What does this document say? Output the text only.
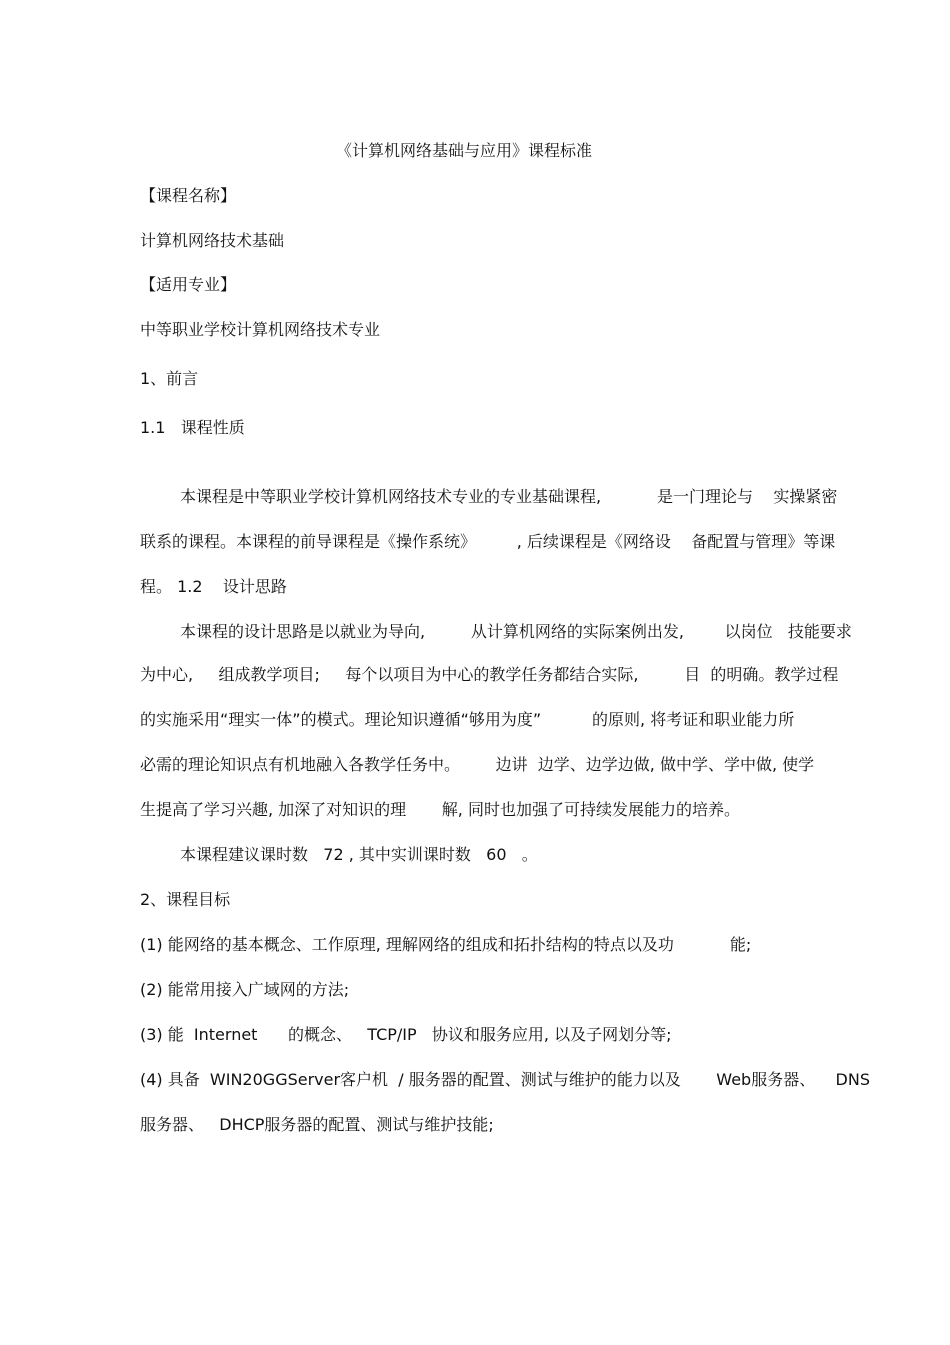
《计算机网络基础与应用》课程标准
【课程名称】
计算机网络技术基础
【适用专业】
中等职业学校计算机网络技术专业
1、前言
1.1   课程性质
本课程是中等职业学校计算机网络技术专业的专业基础课程,           是一门理论与    实操紧密
联系的课程。本课程的前导课程是《操作系统》        , 后续课程是《网络设    备配置与管理》等课
程。 1.2    设计思路
本课程的设计思路是以就业为导向,         从计算机网络的实际案例出发,        以岗位   技能要求
为中心,     组成教学项目;     每个以项目为中心的教学任务都结合实际,         目  的明确。教学过程
的实施采用“理实一体”的模式。理论知识遵循“够用为度”          的原则, 将考证和职业能力所
必需的理论知识点有机地融入各教学任务中。       边讲  边学、边学边做, 做中学、学中做, 使学
生提高了学习兴趣, 加深了对知识的理       解, 同时也加强了可持续发展能力的培养。
本课程建议课时数   72 , 其中实训课时数   60   。
2、课程目标
(1) 能网络的基本概念、工作原理, 理解网络的组成和拓扑结构的特点以及功           能;
(2) 能常用接入广域网的方法;
(3) 能  Internet      的概念、   TCP/IP   协议和服务应用, 以及子网划分等;
(4) 具备  WIN20GGServer客户机  / 服务器的配置、测试与维护的能力以及       Web服务器、    DNS
服务器、   DHCP服务器的配置、测试与维护技能;
